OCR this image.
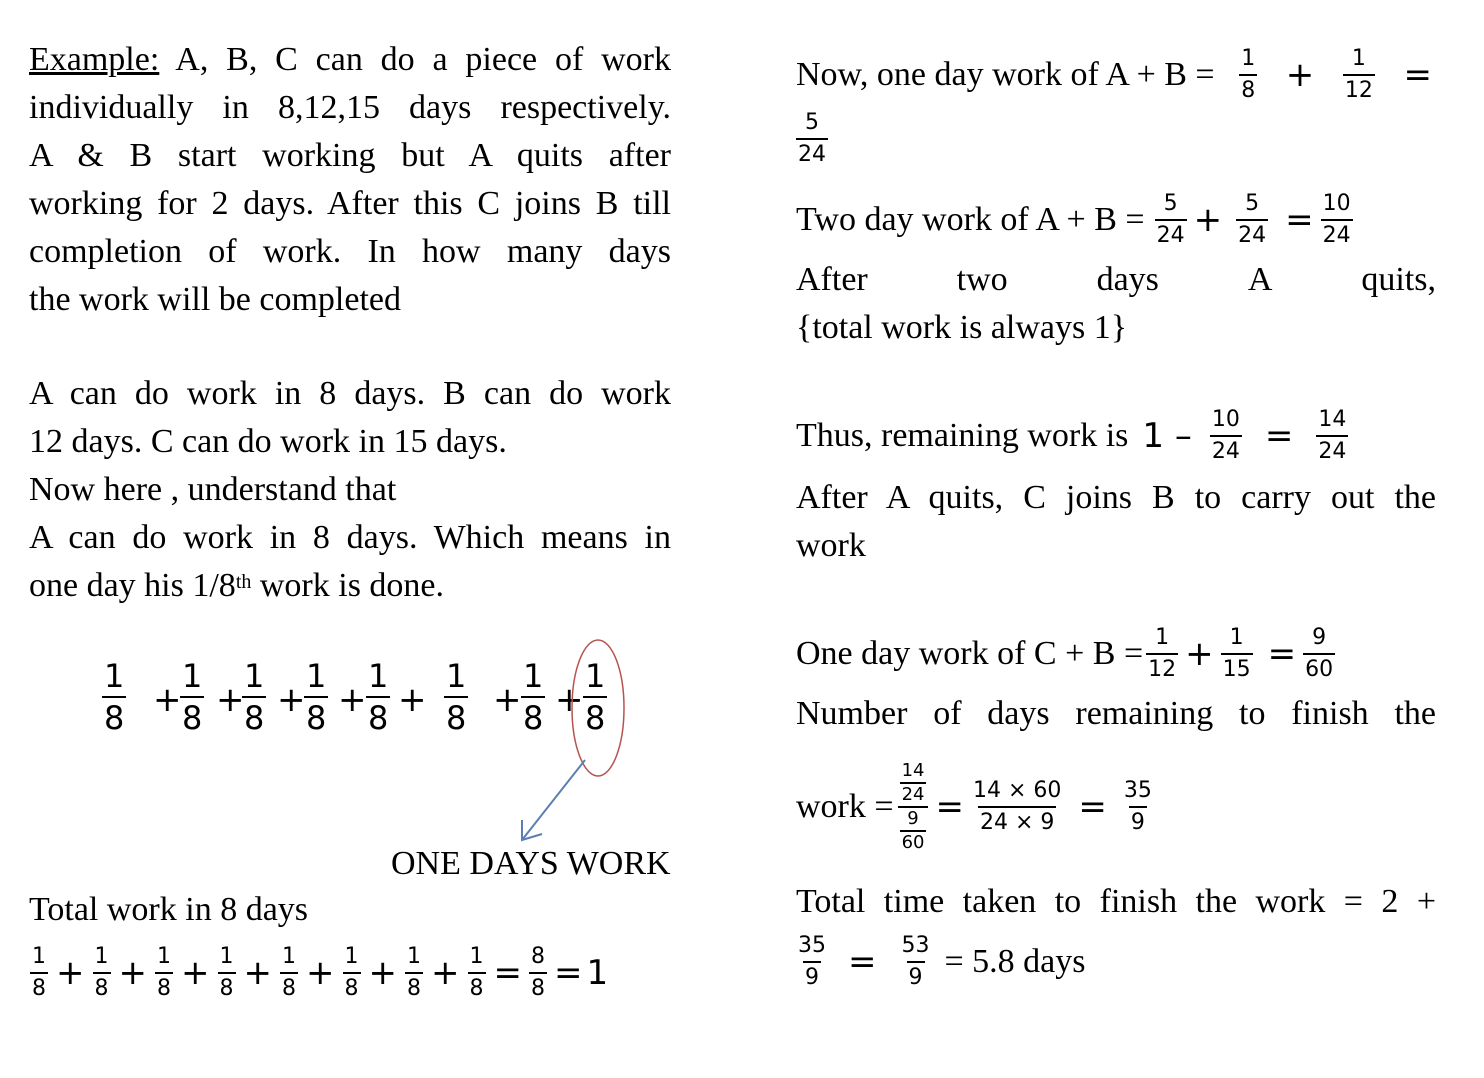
Example: A, B, C can do a piece of work
individually in 8,12,15 days respectively.
A & B start working but A quits after
working for 2 days. After this C joins B till
completion of work. In how many days
the work will be completed
A can do work in 8 days. B can do work
12 days. C can do work in 15 days.
Now here , understand that
A can do work in 8 days. Which means in
one day his 1/8th work is done.
$\frac{1}{8} \frac{1}{8} \frac{1}{8} \frac{1}{8} \frac{1}{8} \frac{1}{8} \frac{1}{8} \frac{1}{8}$
+ + + + + + +
ONE DAYS WORK
Total work in 8 days
$\frac{1}{8} + \frac{1}{8} + \frac{1}{8} + \frac{1}{8} + \frac{1}{8} + \frac{1}{8} + \frac{1}{8} + \frac{1}{8} = \frac{8}{8} = 1$
Now, one day work of $A + B = \frac{1}{8} + \frac{1}{12}$ =
$\frac{5}{24}$
Two day work of $A + B = \frac{5}{24} + \frac{5}{24} = \frac{10}{24}$
After	two	days	A	quits,
{total work is always 1}
Thus, remaining work is $1 - \frac{10}{24} = \frac{14}{24}$
After A quits, C joins B to carry out the
work
One day work of $C + B = \frac{1}{12} + \frac{1}{15} = \frac{9}{60}$
Number of days remaining to finish the
work = $\frac{\frac{14}{24}}{\frac{9}{60}} = \frac{14 \times 60}{24 \times 9} = \frac{35}{9}$
Total time taken to finish the work = 2 +
$\frac{35}{9} = \frac{53}{9} = 5.8$ days
